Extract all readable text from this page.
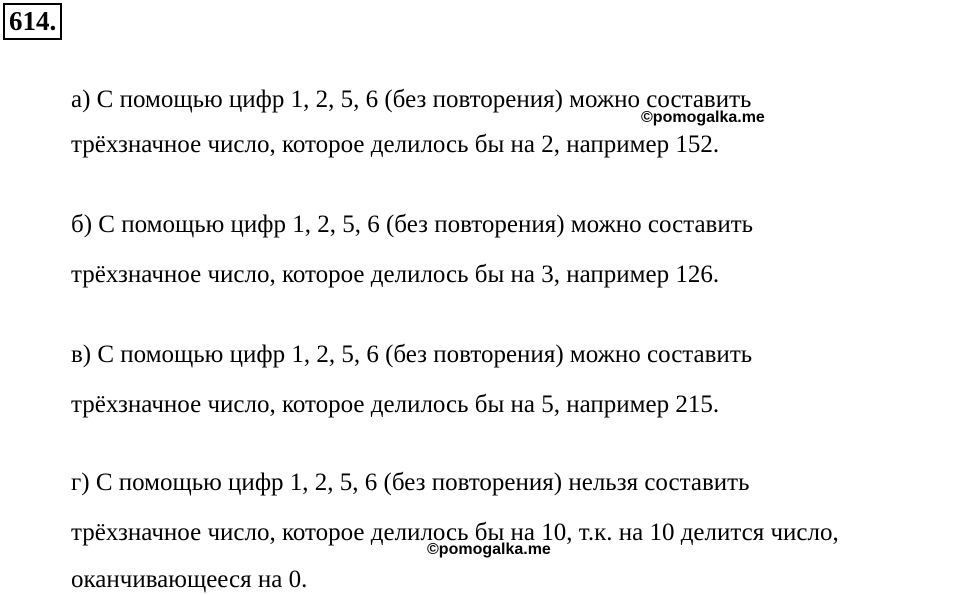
614.
а) С помощью цифр 1, 2, 5, 6 (без повторения) можно составить
©pomogalka.me
трёхзначное число, которое делилось бы на 2, например 152.
б) С помощью цифр 1, 2, 5, 6 (без повторения) можно составить
трёхзначное число, которое делилось бы на 3, например 126.
в) С помощью цифр 1, 2, 5, 6 (без повторения) можно составить
трёхзначное число, которое делилось бы на 5, например 215.
г) С помощью цифр 1, 2, 5, 6 (без повторения) нельзя составить
трёхзначное число, которое делилось бы на 10, т.к. на 10 делится число,
©pomogalka.me
оканчивающееся на 0.
